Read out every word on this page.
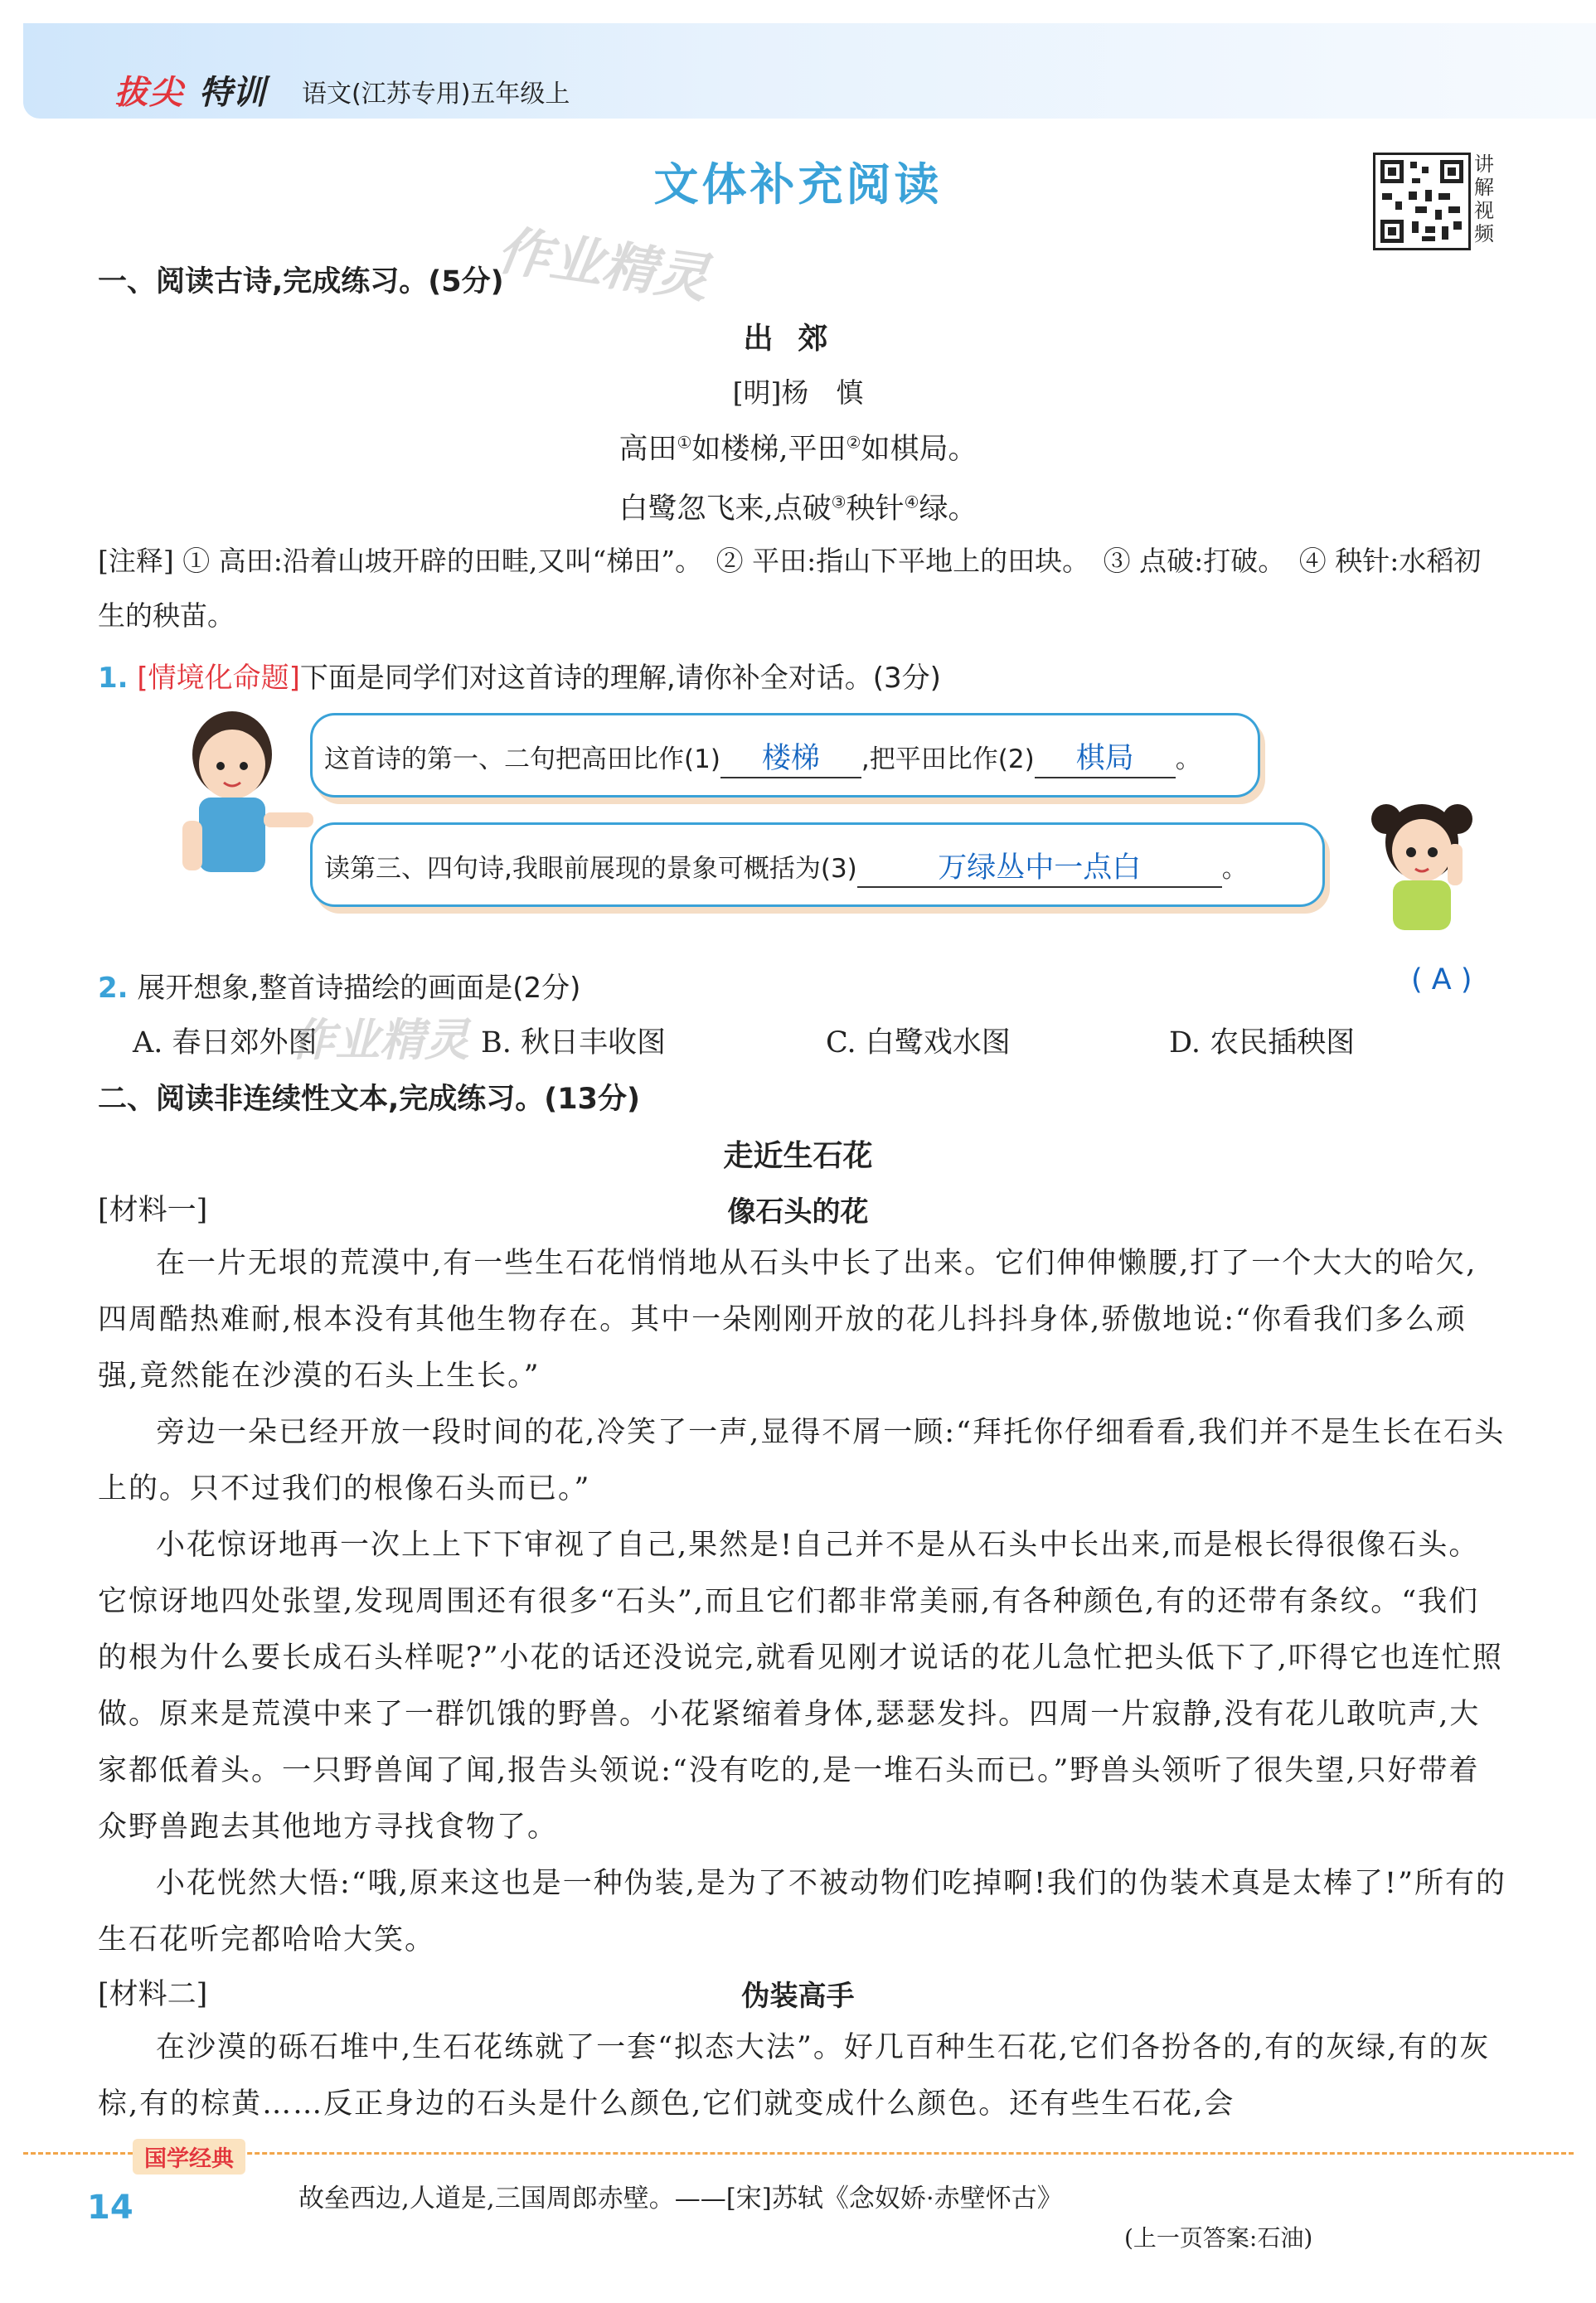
拔尖 特训 语文(江苏专用)五年级上
文体补充阅读	讲解视频
作业精灵
一、阅读古诗,完成练习。(5分)
出郊
[明]杨　慎
高田①如楼梯,平田②如棋局。
白鹭忽飞来,点破③秧针④绿。
[注释] ① 高田:沿着山坡开辟的田畦,又叫“梯田”。　② 平田:指山下平地上的田块。　③ 点破:打破。　④ 秧针:水稻初生的秧苗。
1. [情境化命题]下面是同学们对这首诗的理解,请你补全对话。(3分)
这首诗的第一、二句把高田比作(1) 楼梯 ,把平田比作(2) 棋局 。
读第三、四句诗,我眼前展现的景象可概括为(3)	万绿丛中一点白	。
2. 展开想象,整首诗描绘的画面是(2分)	( A )
A. 春日郊外图	B. 秋日丰收图	C. 白鹭戏水图	D. 农民插秧图
作业精灵
二、阅读非连续性文本,完成练习。(13分)
走近生石花
[材料一]	像石头的花

在一片无垠的荒漠中,有一些生石花悄悄地从石头中长了出来。它们伸伸懒腰,打了一个大大的哈欠,四周酷热难耐,根本没有其他生物存在。其中一朵刚刚开放的花儿抖抖身体,骄傲地说:“你看我们多么顽强,竟然能在沙漠的石头上生长。”

旁边一朵已经开放一段时间的花,冷笑了一声,显得不屑一顾:“拜托你仔细看看,我们并不是生长在石头上的。只不过我们的根像石头而已。”

小花惊讶地再一次上上下下审视了自己,果然是!自己并不是从石头中长出来,而是根长得很像石头。它惊讶地四处张望,发现周围还有很多“石头”,而且它们都非常美丽,有各种颜色,有的还带有条纹。“我们的根为什么要长成石头样呢?”小花的话还没说完,就看见刚才说话的花儿急忙把头低下了,吓得它也连忙照做。原来是荒漠中来了一群饥饿的野兽。小花紧缩着身体,瑟瑟发抖。四周一片寂静,没有花儿敢吭声,大家都低着头。一只野兽闻了闻,报告头领说:“没有吃的,是一堆石头而已。”野兽头领听了很失望,只好带着众野兽跑去其他地方寻找食物了。

小花恍然大悟:“哦,原来这也是一种伪装,是为了不被动物们吃掉啊!我们的伪装术真是太棒了!”所有的生石花听完都哈哈大笑。

[材料二]	伪装高手

在沙漠的砾石堆中,生石花练就了一套“拟态大法”。好几百种生石花,它们各扮各的,有的灰绿,有的灰棕,有的棕黄……反正身边的石头是什么颜色,它们就变成什么颜色。还有些生石花,会

国学经典
14	故垒西边,人道是,三国周郎赤壁。——[宋]苏轼《念奴娇·赤壁怀古》
(上一页答案:石油)
